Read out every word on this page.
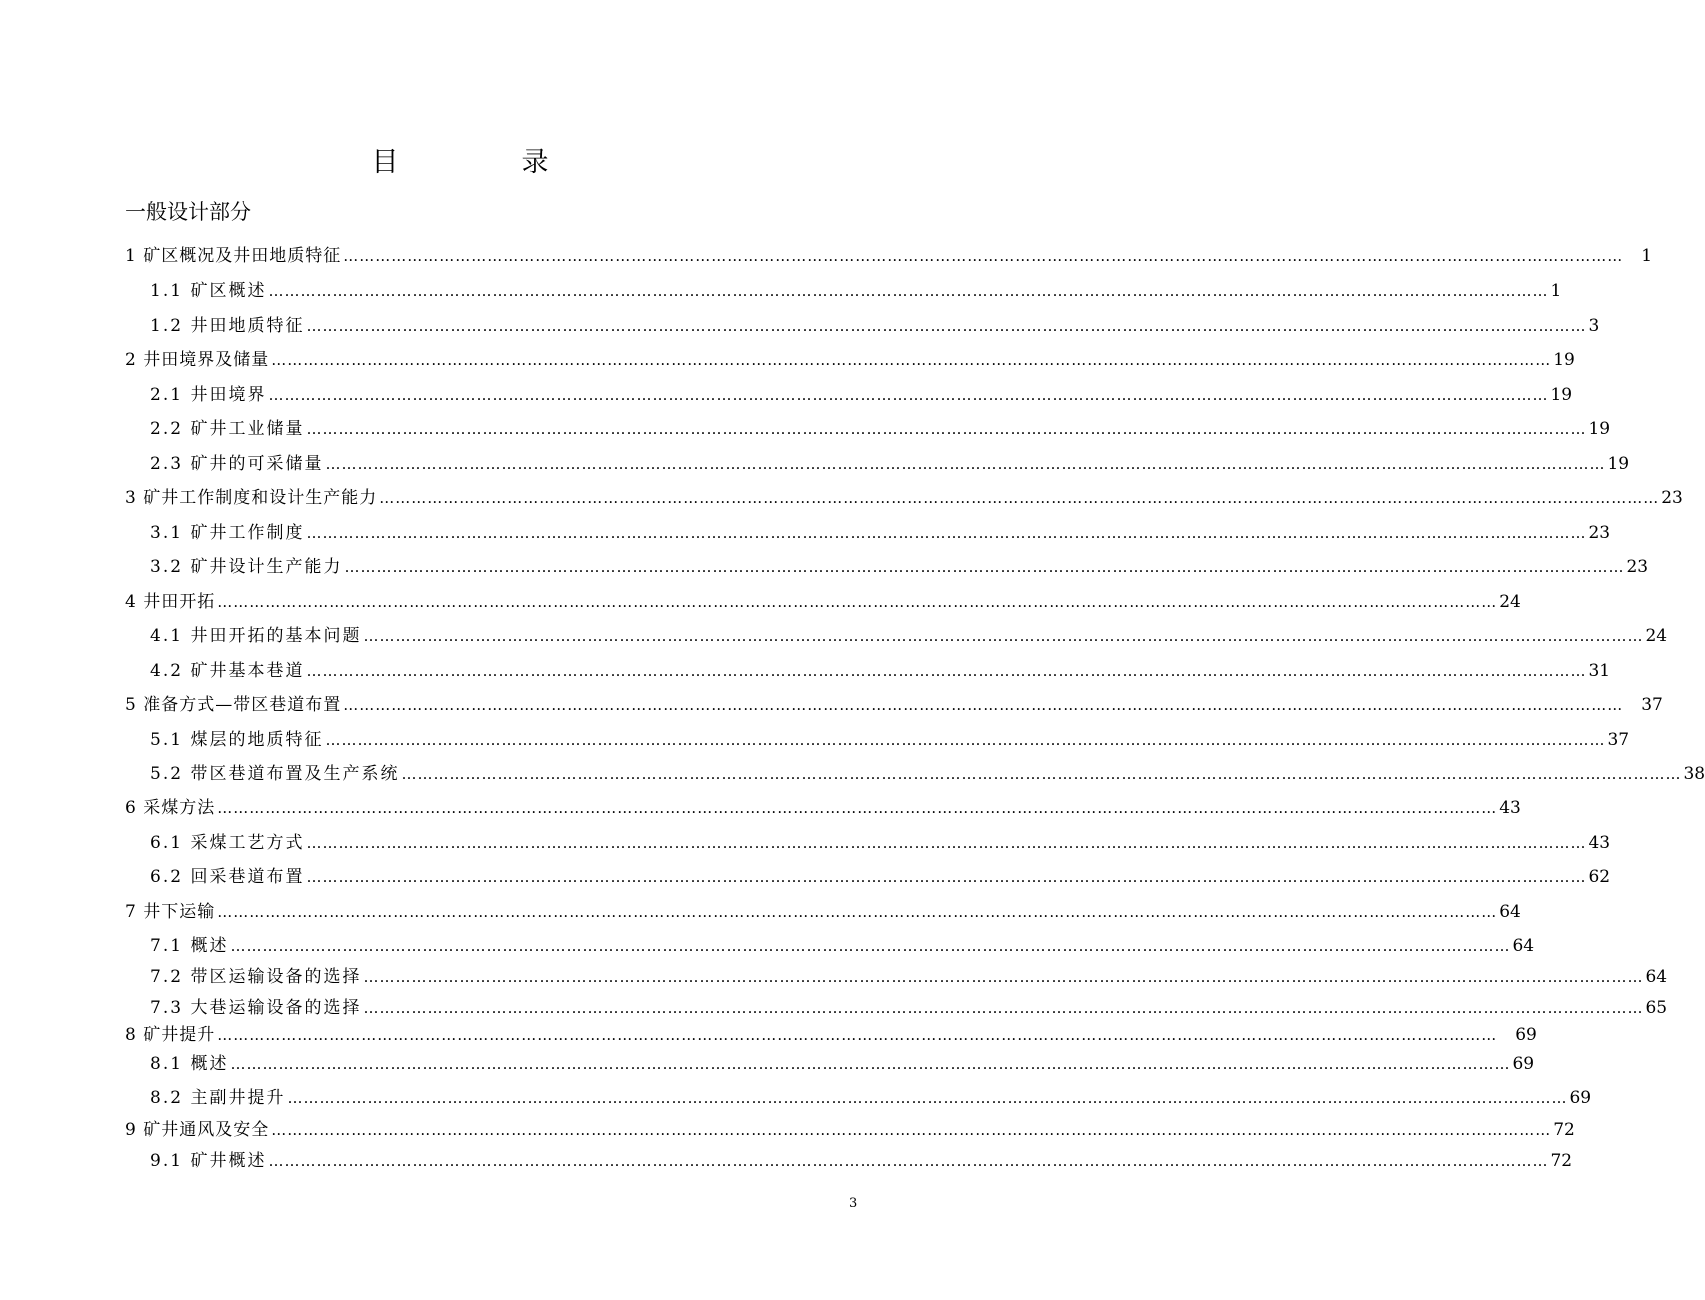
目　录
一般设计部分
1 矿区概况及井田地质特征 …………………………………………………………………………………………………………………………………………………………………………………………………………………… 1
1.1 矿区概述 …………………………………………………………………………………………………………………………………………………………………………………………………………………… 1
1.2 井田地质特征 …………………………………………………………………………………………………………………………………………………………………………………………………………………… 3
2 井田境界及储量 …………………………………………………………………………………………………………………………………………………………………………………………………………………… 19
2.1 井田境界 …………………………………………………………………………………………………………………………………………………………………………………………………………………… 19
2.2 矿井工业储量 …………………………………………………………………………………………………………………………………………………………………………………………………………………… 19
2.3 矿井的可采储量 …………………………………………………………………………………………………………………………………………………………………………………………………………………… 19
3 矿井工作制度和设计生产能力 …………………………………………………………………………………………………………………………………………………………………………………………………………………… 23
3.1 矿井工作制度 …………………………………………………………………………………………………………………………………………………………………………………………………………………… 23
3.2 矿井设计生产能力 …………………………………………………………………………………………………………………………………………………………………………………………………………………… 23
4 井田开拓 …………………………………………………………………………………………………………………………………………………………………………………………………………………… 24
4.1 井田开拓的基本问题 …………………………………………………………………………………………………………………………………………………………………………………………………………………… 24
4.2 矿井基本巷道 …………………………………………………………………………………………………………………………………………………………………………………………………………………… 31
5 准备方式—带区巷道布置 …………………………………………………………………………………………………………………………………………………………………………………………………………………… 37
5.1 煤层的地质特征 …………………………………………………………………………………………………………………………………………………………………………………………………………………… 37
5.2 带区巷道布置及生产系统 …………………………………………………………………………………………………………………………………………………………………………………………………………………… 38
6 采煤方法 …………………………………………………………………………………………………………………………………………………………………………………………………………………… 43
6.1 采煤工艺方式 …………………………………………………………………………………………………………………………………………………………………………………………………………………… 43
6.2 回采巷道布置 …………………………………………………………………………………………………………………………………………………………………………………………………………………… 62
7 井下运输 …………………………………………………………………………………………………………………………………………………………………………………………………………………… 64
7.1 概述 …………………………………………………………………………………………………………………………………………………………………………………………………………………… 64
7.2 带区运输设备的选择 …………………………………………………………………………………………………………………………………………………………………………………………………………………… 64
7.3 大巷运输设备的选择 …………………………………………………………………………………………………………………………………………………………………………………………………………………… 65
8 矿井提升 …………………………………………………………………………………………………………………………………………………………………………………………………………………… 69
8.1 概述 …………………………………………………………………………………………………………………………………………………………………………………………………………………… 69
8.2 主副井提升 …………………………………………………………………………………………………………………………………………………………………………………………………………………… 69
9 矿井通风及安全 …………………………………………………………………………………………………………………………………………………………………………………………………………………… 72
9.1 矿井概述 …………………………………………………………………………………………………………………………………………………………………………………………………………………… 72
3
